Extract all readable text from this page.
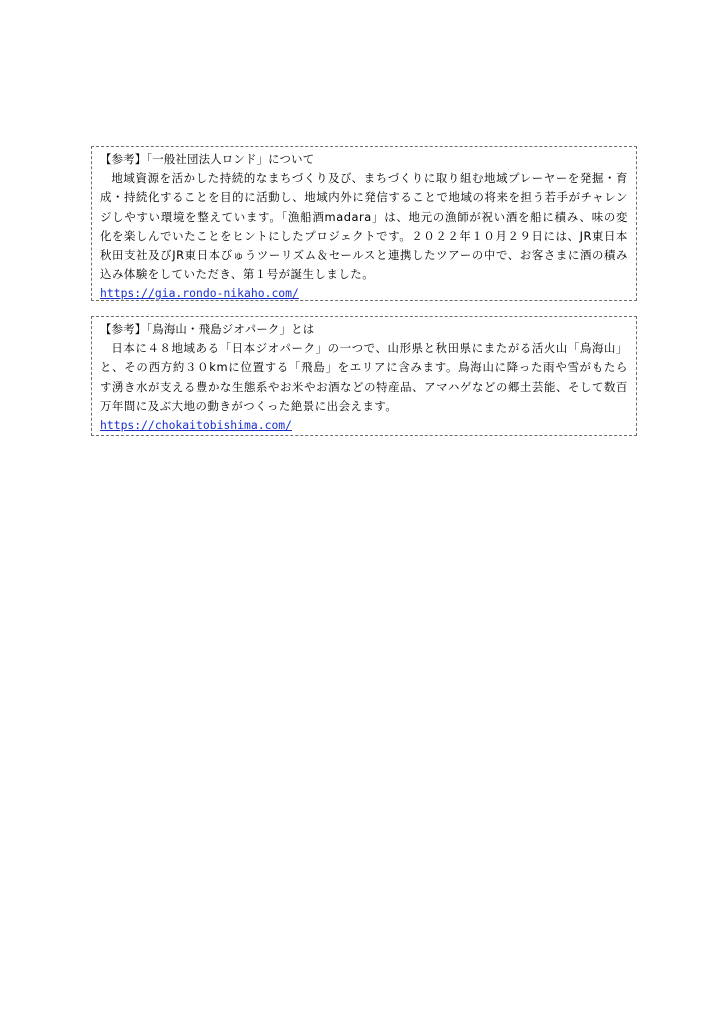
【参考】「一般社団法人ロンド」について
地域資源を活かした持続的なまちづくり及び、まちづくりに取り組む地域プレーヤーを発掘・育成・持続化することを目的に活動し、地域内外に発信することで地域の将来を担う若手がチャレンジしやすい環境を整えています。「漁船酒madara」は、地元の漁師が祝い酒を船に積み、味の変化を楽しんでいたことをヒントにしたプロジェクトです。２０２２年１０月２９日には、JR東日本秋田支社及びJR東日本びゅうツーリズム＆セールスと連携したツアーの中で、お客さまに酒の積み込み体験をしていただき、第１号が誕生しました。
https://gia.rondo-nikaho.com/
【参考】「鳥海山・飛島ジオパーク」とは
日本に４８地域ある「日本ジオパーク」の一つで、山形県と秋田県にまたがる活火山「鳥海山」と、その西方約３０kmに位置する「飛島」をエリアに含みます。鳥海山に降った雨や雪がもたらす湧き水が支える豊かな生態系やお米やお酒などの特産品、アマハゲなどの郷土芸能、そして数百万年間に及ぶ大地の動きがつくった絶景に出会えます。
https://chokaitobishima.com/
